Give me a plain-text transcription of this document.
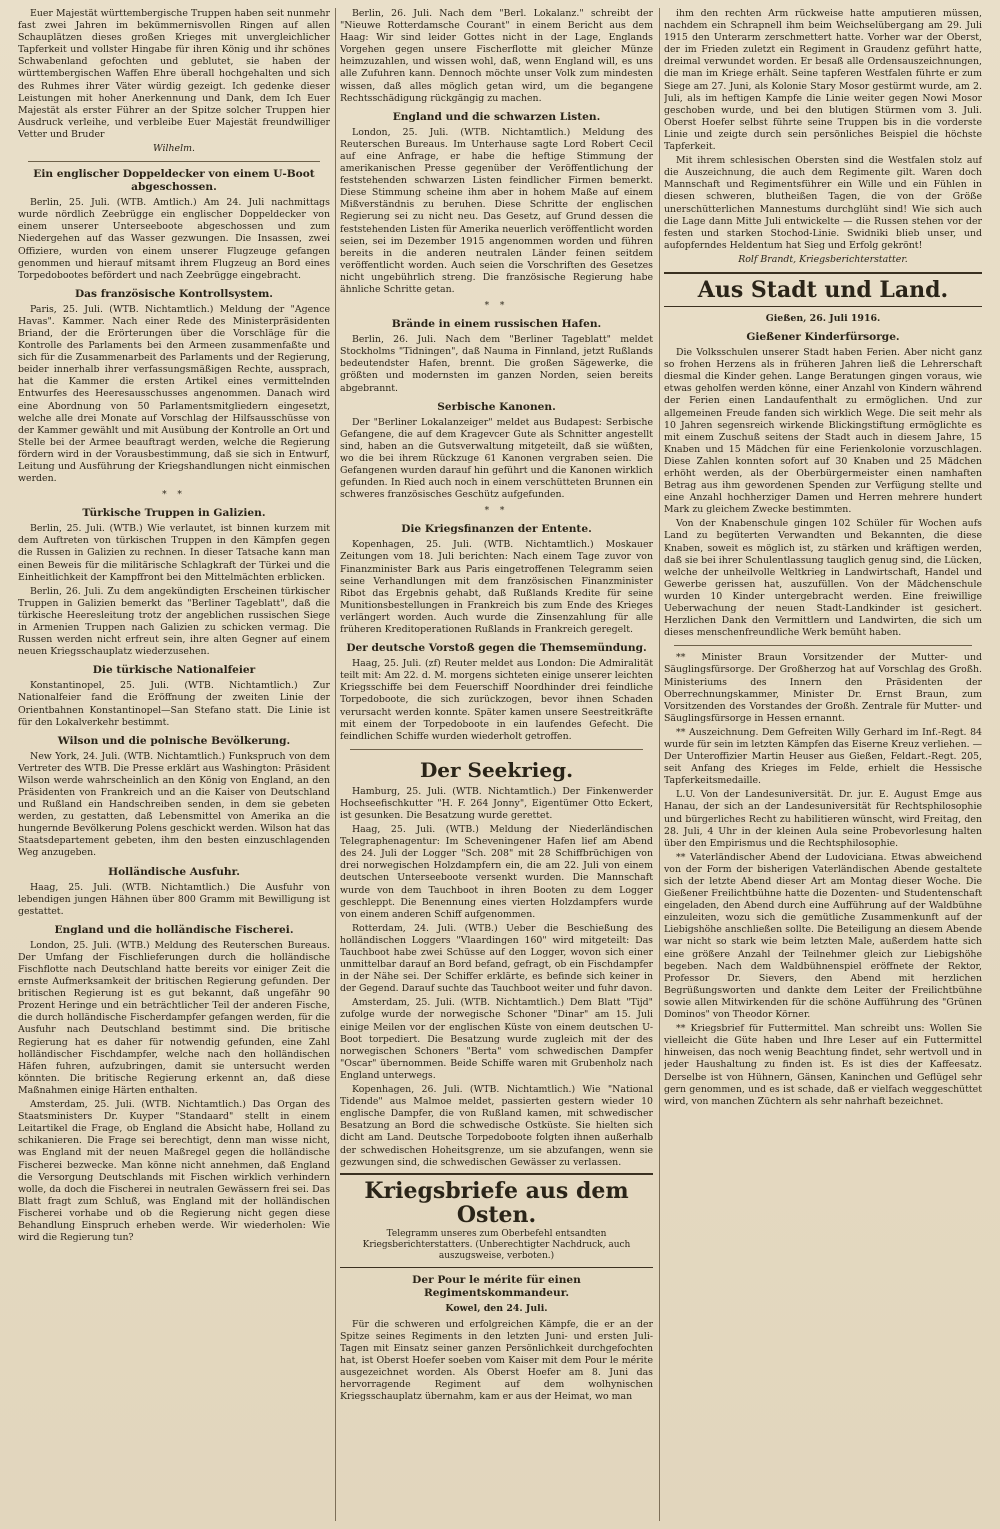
Euer Majestät württembergische Truppen haben seit nunmehr fast zwei Jahren im bekümmernisvollen Ringen auf allen Schauplätzen dieses großen Krieges mit unvergleichlicher Tapferkeit und vollster Hingabe für ihren König und ihr schönes Schwabenland gefochten und geblutet, sie haben der württembergischen Waffen Ehre überall hochgehalten und sich des Ruhmes ihrer Väter würdig gezeigt. Ich gedenke dieser Leistungen mit hoher Anerkennung und Dank, dem Ich Euer Majestät als erster Führer an der Spitze solcher Truppen hier Ausdruck verleihe, und verbleibe Euer Majestät freundwilliger Vetter und Bruder

Wilhelm.
Ein englischer Doppeldecker von einem U-Boot abgeschossen.

Berlin, 25. Juli. (WTB. Amtlich.) Am 24. Juli nachmittags wurde nördlich Zeebrügge ein englischer Doppeldecker von einem unserer Unterseeboote abgeschossen und zum Niedergehen auf das Wasser gezwungen. Die Insassen, zwei Offiziere, wurden von einem unserer Flugzeuge gefangen genommen und hierauf mitsamt ihrem Flugzeug an Bord eines Torpedobootes befördert und nach Zeebrügge eingebracht.

Das französische Kontrollsystem.

Paris, 25. Juli. (WTB. Nichtamtlich.) Meldung der "Agence Havas". Kammer. Nach einer Rede des Ministerpräsidenten Briand, der die Erörterungen über die Vorschläge für die Kontrolle des Parlaments bei den Armeen zusammenfaßte und sich für die Zusammenarbeit des Parlaments und der Regierung, beider innerhalb ihrer verfassungsmäßigen Rechte, aussprach, hat die Kammer die ersten Artikel eines vermittelnden Entwurfes des Heeresausschusses angenommen. Danach wird eine Abordnung von 50 Parlamentsmitgliedern eingesetzt, welche alle drei Monate auf Vorschlag der Hilfsausschüsse von der Kammer gewählt und mit Ausübung der Kontrolle an Ort und Stelle bei der Armee beauftragt werden, welche die Regierung fördern wird in der Vorausbestimmung, daß sie sich in Entwurf, Leitung und Ausführung der Kriegshandlungen nicht einmischen werden.

* *
Türkische Truppen in Galizien.

Berlin, 25. Juli. (WTB.) Wie verlautet, ist binnen kurzem mit dem Auftreten von türkischen Truppen in den Kämpfen gegen die Russen in Galizien zu rechnen. In dieser Tatsache kann man einen Beweis für die militärische Schlagkraft der Türkei und die Einheitlichkeit der Kampffront bei den Mittelmächten erblicken.

Berlin, 26. Juli. Zu dem angekündigten Erscheinen türkischer Truppen in Galizien bemerkt das "Berliner Tageblatt", daß die türkische Heeresleitung trotz der angeblichen russischen Siege in Armenien Truppen nach Galizien zu schicken vermag. Die Russen werden nicht erfreut sein, ihre alten Gegner auf einem neuen Kriegsschauplatz wiederzusehen.

Die türkische Nationalfeier

Konstantinopel, 25. Juli. (WTB. Nichtamtlich.) Zur Nationalfeier fand die Eröffnung der zweiten Linie der Orientbahnen Konstantinopel—San Stefano statt. Die Linie ist für den Lokalverkehr bestimmt.

Wilson und die polnische Bevölkerung.

New York, 24. Juli. (WTB. Nichtamtlich.) Funkspruch von dem Vertreter des WTB. Die Presse erklärt aus Washington: Präsident Wilson werde wahrscheinlich an den König von England, an den Präsidenten von Frankreich und an die Kaiser von Deutschland und Rußland ein Handschreiben senden, in dem sie gebeten werden, zu gestatten, daß Lebensmittel von Amerika an die hungernde Bevölkerung Polens geschickt werden. Wilson hat das Staatsdepartement gebeten, ihm den besten einzuschlagenden Weg anzugeben.

Holländische Ausfuhr.

Haag, 25. Juli. (WTB. Nichtamtlich.) Die Ausfuhr von lebendigen jungen Hähnen über 800 Gramm mit Bewilligung ist gestattet.

England und die holländische Fischerei.

London, 25. Juli. (WTB.) Meldung des Reuterschen Bureaus. Der Umfang der Fischlieferungen durch die holländische Fischflotte nach Deutschland hatte bereits vor einiger Zeit die ernste Aufmerksamkeit der britischen Regierung gefunden. Der britischen Regierung ist es gut bekannt, daß ungefähr 90 Prozent Heringe und ein beträchtlicher Teil der anderen Fische, die durch holländische Fischerdampfer gefangen werden, für die Ausfuhr nach Deutschland bestimmt sind. Die britische Regierung hat es daher für notwendig gefunden, eine Zahl holländischer Fischdampfer, welche nach den holländischen Häfen fuhren, aufzubringen, damit sie untersucht werden könnten. Die britische Regierung erkennt an, daß diese Maßnahmen einige Härten enthalten.

Amsterdam, 25. Juli. (WTB. Nichtamtlich.) Das Organ des Staatsministers Dr. Kuyper "Standaard" stellt in einem Leitartikel die Frage, ob England die Absicht habe, Holland zu schikanieren. Die Frage sei berechtigt, denn man wisse nicht, was England mit der neuen Maßregel gegen die holländische Fischerei bezwecke. Man könne nicht annehmen, daß England die Versorgung Deutschlands mit Fischen wirklich verhindern wolle, da doch die Fischerei in neutralen Gewässern frei sei. Das Blatt fragt zum Schluß, was England mit der holländischen Fischerei vorhabe und ob die Regierung nicht gegen diese Behandlung Einspruch erheben werde. Wir wiederholen: Wie wird die Regierung tun?

Berlin, 26. Juli. Nach dem "Berl. Lokalanz." schreibt der "Nieuwe Rotterdamsche Courant" in einem Bericht aus dem Haag: Wir sind leider Gottes nicht in der Lage, Englands Vorgehen gegen unsere Fischerflotte mit gleicher Münze heimzuzahlen, und wissen wohl, daß, wenn England will, es uns alle Zufuhren kann. Dennoch möchte unser Volk zum mindesten wissen, daß alles möglich getan wird, um die begangene Rechtsschädigung rückgängig zu machen.

England und die schwarzen Listen.

London, 25. Juli. (WTB. Nichtamtlich.) Meldung des Reuterschen Bureaus. Im Unterhause sagte Lord Robert Cecil auf eine Anfrage, er habe die heftige Stimmung der amerikanischen Presse gegenüber der Veröffentlichung der feststehenden schwarzen Listen feindlicher Firmen bemerkt. Diese Stimmung scheine ihm aber in hohem Maße auf einem Mißverständnis zu beruhen. Diese Schritte der englischen Regierung sei zu nicht neu. Das Gesetz, auf Grund dessen die feststehenden Listen für Amerika neuerlich veröffentlicht worden seien, sei im Dezember 1915 angenommen worden und führen bereits in die anderen neutralen Länder feinen seitdem veröffentlicht worden. Auch seien die Vorschriften des Gesetzes nicht ungebührlich streng. Die französische Regierung habe ähnliche Schritte getan.

* *
Brände in einem russischen Hafen.

Berlin, 26. Juli. Nach dem "Berliner Tageblatt" meldet Stockholms "Tidningen", daß Nauma in Finnland, jetzt Rußlands bedeutendster Hafen, brennt. Die großen Sägewerke, die größten und modernsten im ganzen Norden, seien bereits abgebrannt.

Serbische Kanonen.

Der "Berliner Lokalanzeiger" meldet aus Budapest: Serbische Gefangene, die auf dem Kragevcer Gute als Schnitter angestellt sind, haben an die Gutsverwaltung mitgeteilt, daß sie wüßten, wo die bei ihrem Rückzuge 61 Kanonen vergraben seien. Die Gefangenen wurden darauf hin geführt und die Kanonen wirklich gefunden. In Ried auch noch in einem verschütteten Brunnen ein schweres französisches Geschütz aufgefunden.

* *
Die Kriegsfinanzen der Entente.

Kopenhagen, 25. Juli. (WTB. Nichtamtlich.) Moskauer Zeitungen vom 18. Juli berichten: Nach einem Tage zuvor von Finanzminister Bark aus Paris eingetroffenen Telegramm seien seine Verhandlungen mit dem französischen Finanzminister Ribot das Ergebnis gehabt, daß Rußlands Kredite für seine Munitionsbestellungen in Frankreich bis zum Ende des Krieges verlängert worden. Auch wurde die Zinsenzahlung für alle früheren Kreditoperationen Rußlands in Frankreich geregelt.

Der deutsche Vorstoß gegen die Themsemündung.

Haag, 25. Juli. (zf) Reuter meldet aus London: Die Admiralität teilt mit: Am 22. d. M. morgens sichteten einige unserer leichten Kriegsschiffe bei dem Feuerschiff Noordhinder drei feindliche Torpedoboote, die sich zurückzogen, bevor ihnen Schaden verursacht werden konnte. Später kamen unsere Seestreitkräfte mit einem der Torpedoboote in ein laufendes Gefecht. Die feindlichen Schiffe wurden wiederholt getroffen.

Der Seekrieg.

Hamburg, 25. Juli. (WTB. Nichtamtlich.) Der Finkenwerder Hochseefischkutter "H. F. 264 Jonny", Eigentümer Otto Eckert, ist gesunken. Die Besatzung wurde gerettet.

Haag, 25. Juli. (WTB.) Meldung der Niederländischen Telegraphenagentur: Im Scheveningener Hafen lief am Abend des 24. Juli der Logger "Sch. 208" mit 28 Schiffbrüchigen von drei norwegischen Holzdampfern ein, die am 22. Juli von einem deutschen Unterseeboote versenkt wurden. Die Mannschaft wurde von dem Tauchboot in ihren Booten zu dem Logger geschleppt. Die Benennung eines vierten Holzdampfers wurde von einem anderen Schiff aufgenommen.

Rotterdam, 24. Juli. (WTB.) Ueber die Beschießung des holländischen Loggers "Vlaardingen 160" wird mitgeteilt: Das Tauchboot habe zwei Schüsse auf den Logger, wovon sich einer unmittelbar darauf an Bord befand, gefragt, ob ein Fischdampfer in der Nähe sei. Der Schiffer erklärte, es befinde sich keiner in der Gegend. Darauf suchte das Tauchboot weiter und fuhr davon.

Amsterdam, 25. Juli. (WTB. Nichtamtlich.) Dem Blatt "Tijd" zufolge wurde der norwegische Schoner "Dinar" am 15. Juli einige Meilen vor der englischen Küste von einem deutschen U-Boot torpediert. Die Besatzung wurde zugleich mit der des norwegischen Schoners "Berta" vom schwedischen Dampfer "Oscar" übernommen. Beide Schiffe waren mit Grubenholz nach England unterwegs.

Kopenhagen, 26. Juli. (WTB. Nichtamtlich.) Wie "National Tidende" aus Malmoe meldet, passierten gestern wieder 10 englische Dampfer, die von Rußland kamen, mit schwedischer Besatzung an Bord die schwedische Ostküste. Sie hielten sich dicht am Land. Deutsche Torpedoboote folgten ihnen außerhalb der schwedischen Hoheitsgrenze, um sie abzufangen, wenn sie gezwungen sind, die schwedischen Gewässer zu verlassen.

Kriegsbriefe aus dem Osten.
Telegramm unseres zum Oberbefehl entsandten Kriegsberichterstatters. (Unberechtigter Nachdruck, auch auszugsweise, verboten.)
Der Pour le mérite für einen Regimentskommandeur.
Kowel, den 24. Juli.

Für die schweren und erfolgreichen Kämpfe, die er an der Spitze seines Regiments in den letzten Juni- und ersten Juli-Tagen mit Einsatz seiner ganzen Persönlichkeit durchgefochten hat, ist Oberst Hoefer soeben vom Kaiser mit dem Pour le mérite ausgezeichnet worden. Als Oberst Hoefer am 8. Juni das hervorragende Regiment auf dem wolhynischen Kriegsschauplatz übernahm, kam er aus der Heimat, wo man

ihm den rechten Arm rückweise hatte amputieren müssen, nachdem ein Schrapnell ihm beim Weichselübergang am 29. Juli 1915 den Unterarm zerschmettert hatte. Vorher war der Oberst, der im Frieden zuletzt ein Regiment in Graudenz geführt hatte, dreimal verwundet worden. Er besaß alle Ordensauszeichnungen, die man im Kriege erhält. Seine tapferen Westfalen führte er zum Siege am 27. Juni, als Kolonie Stary Mosor gestürmt wurde, am 2. Juli, als im heftigen Kampfe die Linie weiter gegen Nowi Mosor geschoben wurde, und bei den blutigen Stürmen vom 3. Juli. Oberst Hoefer selbst führte seine Truppen bis in die vorderste Linie und zeigte durch sein persönliches Beispiel die höchste Tapferkeit.

Mit ihrem schlesischen Obersten sind die Westfalen stolz auf die Auszeichnung, die auch dem Regimente gilt. Waren doch Mannschaft und Regimentsführer ein Wille und ein Fühlen in diesen schweren, blutheißen Tagen, die von der Größe unerschütterlichen Mannestums durchglüht sind! Wie sich auch die Lage dann Mitte Juli entwickelte — die Russen stehen vor der festen und starken Stochod-Linie. Swidniki blieb unser, und aufopferndes Heldentum hat Sieg und Erfolg gekrönt!

Rolf Brandt, Kriegsberichterstatter.
Aus Stadt und Land.
Gießen, 26. Juli 1916.
Gießener Kinderfürsorge.

Die Volksschulen unserer Stadt haben Ferien. Aber nicht ganz so frohen Herzens als in früheren Jahren ließ die Lehrerschaft diesmal die Kinder gehen. Lange Beratungen gingen voraus, wie etwas geholfen werden könne, einer Anzahl von Kindern während der Ferien einen Landaufenthalt zu ermöglichen. Und zur allgemeinen Freude fanden sich wirklich Wege. Die seit mehr als 10 Jahren segensreich wirkende Blickingstiftung ermöglichte es mit einem Zuschuß seitens der Stadt auch in diesem Jahre, 15 Knaben und 15 Mädchen für eine Ferienkolonie vorzuschlagen. Diese Zahlen konnten sofort auf 30 Knaben und 25 Mädchen erhöht werden, als der Oberbürgermeister einen namhaften Betrag aus ihm gewordenen Spenden zur Verfügung stellte und eine Anzahl hochherziger Damen und Herren mehrere hundert Mark zu gleichem Zwecke bestimmten.

Von der Knabenschule gingen 102 Schüler für Wochen aufs Land zu begüterten Verwandten und Bekannten, die diese Knaben, soweit es möglich ist, zu stärken und kräftigen werden, daß sie bei ihrer Schulentlassung tauglich genug sind, die Lücken, welche der unheilvolle Weltkrieg in Landwirtschaft, Handel und Gewerbe gerissen hat, auszufüllen. Von der Mädchenschule wurden 10 Kinder untergebracht werden. Eine freiwillige Ueberwachung der neuen Stadt-Landkinder ist gesichert. Herzlichen Dank den Vermittlern und Landwirten, die sich um dieses menschenfreundliche Werk bemüht haben.

** Minister Braun Vorsitzender der Mutter- und Säuglingsfürsorge. Der Großherzog hat auf Vorschlag des Großh. Ministeriums des Innern den Präsidenten der Oberrechnungskammer, Minister Dr. Ernst Braun, zum Vorsitzenden des Vorstandes der Großh. Zentrale für Mutter- und Säuglingsfürsorge in Hessen ernannt.

** Auszeichnung. Dem Gefreiten Willy Gerhard im Inf.-Regt. 84 wurde für sein im letzten Kämpfen das Eiserne Kreuz verliehen. — Der Unteroffizier Martin Heuser aus Gießen, Feldart.-Regt. 205, seit Anfang des Krieges im Felde, erhielt die Hessische Tapferkeitsmedaille.

L.U. Von der Landesuniversität. Dr. jur. E. August Emge aus Hanau, der sich an der Landesuniversität für Rechtsphilosophie und bürgerliches Recht zu habilitieren wünscht, wird Freitag, den 28. Juli, 4 Uhr in der kleinen Aula seine Probevorlesung halten über den Empirismus und die Rechtsphilosophie.

** Vaterländischer Abend der Ludoviciana. Etwas abweichend von der Form der bisherigen Vaterländischen Abende gestaltete sich der letzte Abend dieser Art am Montag dieser Woche. Die Gießener Freilichtbühne hatte die Dozenten- und Studentenschaft eingeladen, den Abend durch eine Aufführung auf der Waldbühne einzuleiten, wozu sich die gemütliche Zusammenkunft auf der Liebigshöhe anschließen sollte. Die Beteiligung an diesem Abende war nicht so stark wie beim letzten Male, außerdem hatte sich eine größere Anzahl der Teilnehmer gleich zur Liebigshöhe begeben. Nach dem Waldbühnenspiel eröffnete der Rektor, Professor Dr. Sievers, den Abend mit herzlichen Begrüßungsworten und dankte dem Leiter der Freilichtbühne sowie allen Mitwirkenden für die schöne Aufführung des "Grünen Dominos" von Theodor Körner.

** Kriegsbrief für Futtermittel. Man schreibt uns: Wollen Sie vielleicht die Güte haben und Ihre Leser auf ein Futtermittel hinweisen, das noch wenig Beachtung findet, sehr wertvoll und in jeder Haushaltung zu finden ist. Es ist dies der Kaffeesatz. Derselbe ist von Hühnern, Gänsen, Kaninchen und Geflügel sehr gern genommen, und es ist schade, daß er vielfach weggeschüttet wird, von manchen Züchtern als sehr nahrhaft bezeichnet.
